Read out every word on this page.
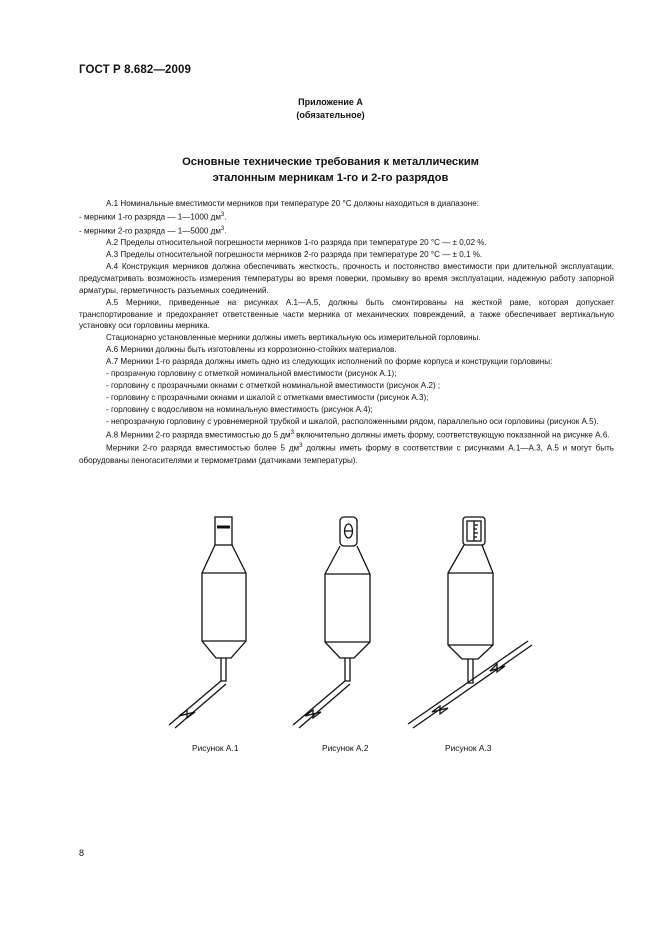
ГОСТ Р 8.682—2009
Приложение А
(обязательное)
Основные технические требования к металлическим
эталонным мерникам 1-го и 2-го разрядов

А.1 Номинальные вместимости мерников при температуре 20 °С должны находиться в диапазоне:

- мерники 1-го разряда — 1—1000 $дм^3$.

- мерники 2-го разряда — 1—5000 $дм^3$.

А.2 Пределы относительной погрешности мерников 1-го разряда при температуре 20 °С — ± 0,02 %.

А.3 Пределы относительной погрешности мерников 2-го разряда при температуре 20 °С — ± 0,1 %.

А.4 Конструкция мерников должна обеспечивать жесткость, прочность и постоянство вместимости при длительной эксплуатации, предусматривать возможность измерения температуры во время поверки, промывку во время эксплуатации, надежную работу запорной арматуры, герметичность разъемных соединений.

А.5 Мерники, приведенные на рисунках А.1—А.5, должны быть смонтированы на жесткой раме, которая допускает транспортирование и предохраняет ответственные части мерника от механических повреждений, а также обеспечивает вертикальную установку оси горловины мерника.

Стационарно установленные мерники должны иметь вертикальную ось измерительной горловины.

А.6 Мерники должны быть изготовлены из коррозионно-стойких материалов.

А.7 Мерники 1-го разряда должны иметь одно из следующих исполнений по форме корпуса и конструкции горловины:

- прозрачную горловину с отметкой номинальной вместимости (рисунок А.1);

- горловину с прозрачными окнами с отметкой номинальной вместимости (рисунок А.2) ;

- горловину с прозрачными окнами и шкалой с отметками вместимости (рисунок А.3);

- горловину с водосливом на номинальную вместимость (рисунок А.4);

- непрозрачную горловину с уровнемерной трубкой и шкалой, расположенными рядом, параллельно оси горловины (рисунок А.5).

А.8 Мерники 2-го разряда вместимостью до 5 $дм^3$ включительно должны иметь форму, соответствующую показанной на рисунке А.6.

Мерники 2-го разряда вместимостью более 5 $дм^3$ должны иметь форму в соответствии с рисунками А.1—А.3, А.5 и могут быть оборудованы пеногасителями и термометрами (датчиками температуры).

Рисунок А.1	Рисунок А.2	Рисунок А.3
8
